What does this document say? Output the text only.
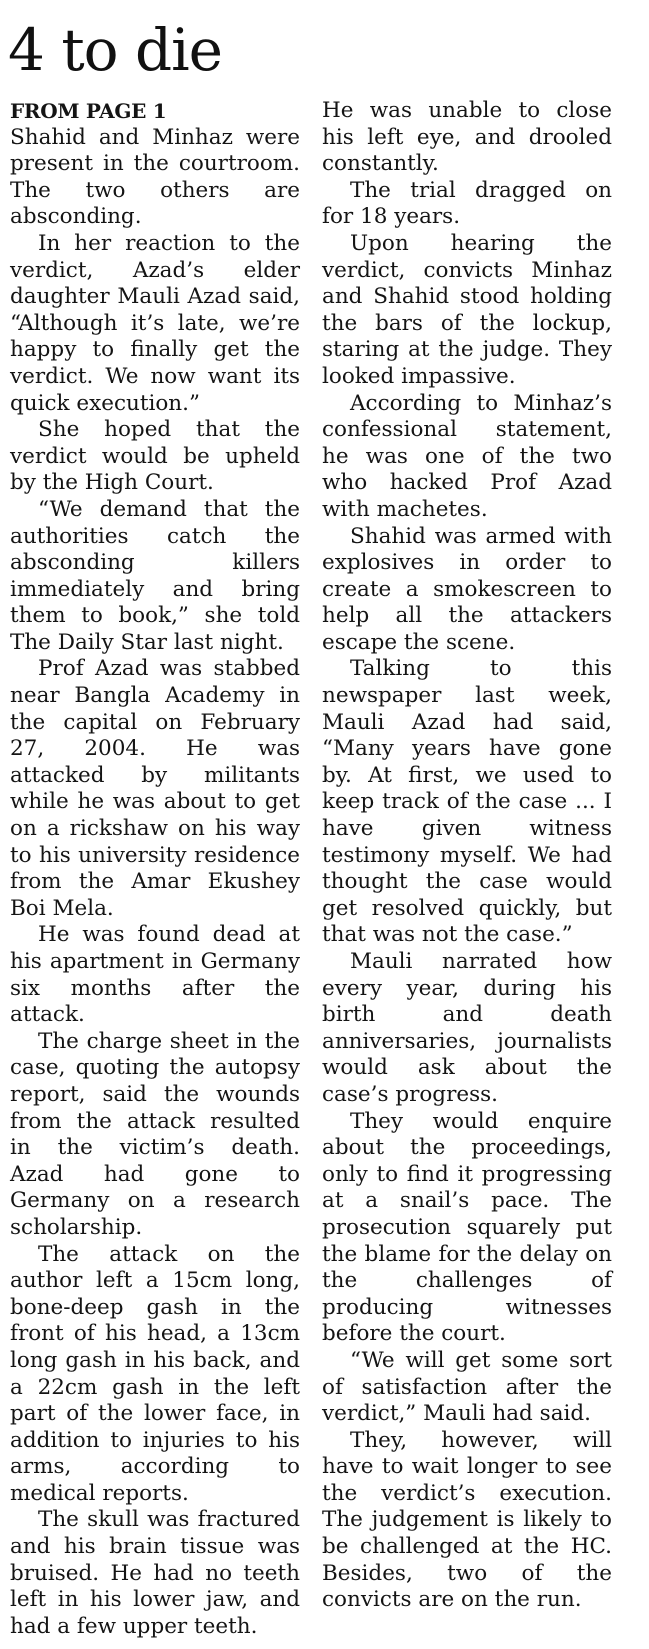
4 to die
FROM PAGE 1

Shahid and Minhaz were present in the courtroom. The two others are absconding.

In her reaction to the verdict, Azad’s elder daughter Mauli Azad said, “Although it’s late, we’re happy to finally get the verdict. We now want its quick execution.”

She hoped that the verdict would be upheld by the High Court.

“We demand that the authorities catch the absconding killers immediately and bring them to book,” she told The Daily Star last night.

Prof Azad was stabbed near Bangla Academy in the capital on February 27, 2004. He was attacked by militants while he was about to get on a rickshaw on his way to his university residence from the Amar Ekushey Boi Mela.

He was found dead at his apartment in Germany six months after the attack.

The charge sheet in the case, quoting the autopsy report, said the wounds from the attack resulted in the victim’s death. Azad had gone to Germany on a research scholarship.

The attack on the author left a 15cm long, bone-deep gash in the front of his head, a 13cm long gash in his back, and a 22cm gash in the left part of the lower face, in addition to injuries to his arms, according to medical reports.

The skull was fractured and his brain tissue was bruised. He had no teeth left in his lower jaw, and had a few upper teeth.

He was unable to close his left eye, and drooled constantly.

The trial dragged on for 18 years.

Upon hearing the verdict, convicts Minhaz and Shahid stood holding the bars of the lockup, staring at the judge. They looked impassive.

According to Minhaz’s confessional statement, he was one of the two who hacked Prof Azad with machetes.

Shahid was armed with explosives in order to create a smokescreen to help all the attackers escape the scene.

Talking to this newspaper last week, Mauli Azad had said, “Many years have gone by. At first, we used to keep track of the case ... I have given witness testimony myself. We had thought the case would get resolved quickly, but that was not the case.”

Mauli narrated how every year, during his birth and death anniversaries, journalists would ask about the case’s progress.

They would enquire about the proceedings, only to find it progressing at a snail’s pace. The prosecution squarely put the blame for the delay on the challenges of producing witnesses before the court.

“We will get some sort of satisfaction after the verdict,” Mauli had said.

They, however, will have to wait longer to see the verdict’s execution. The judgement is likely to be challenged at the HC. Besides, two of the convicts are on the run.
